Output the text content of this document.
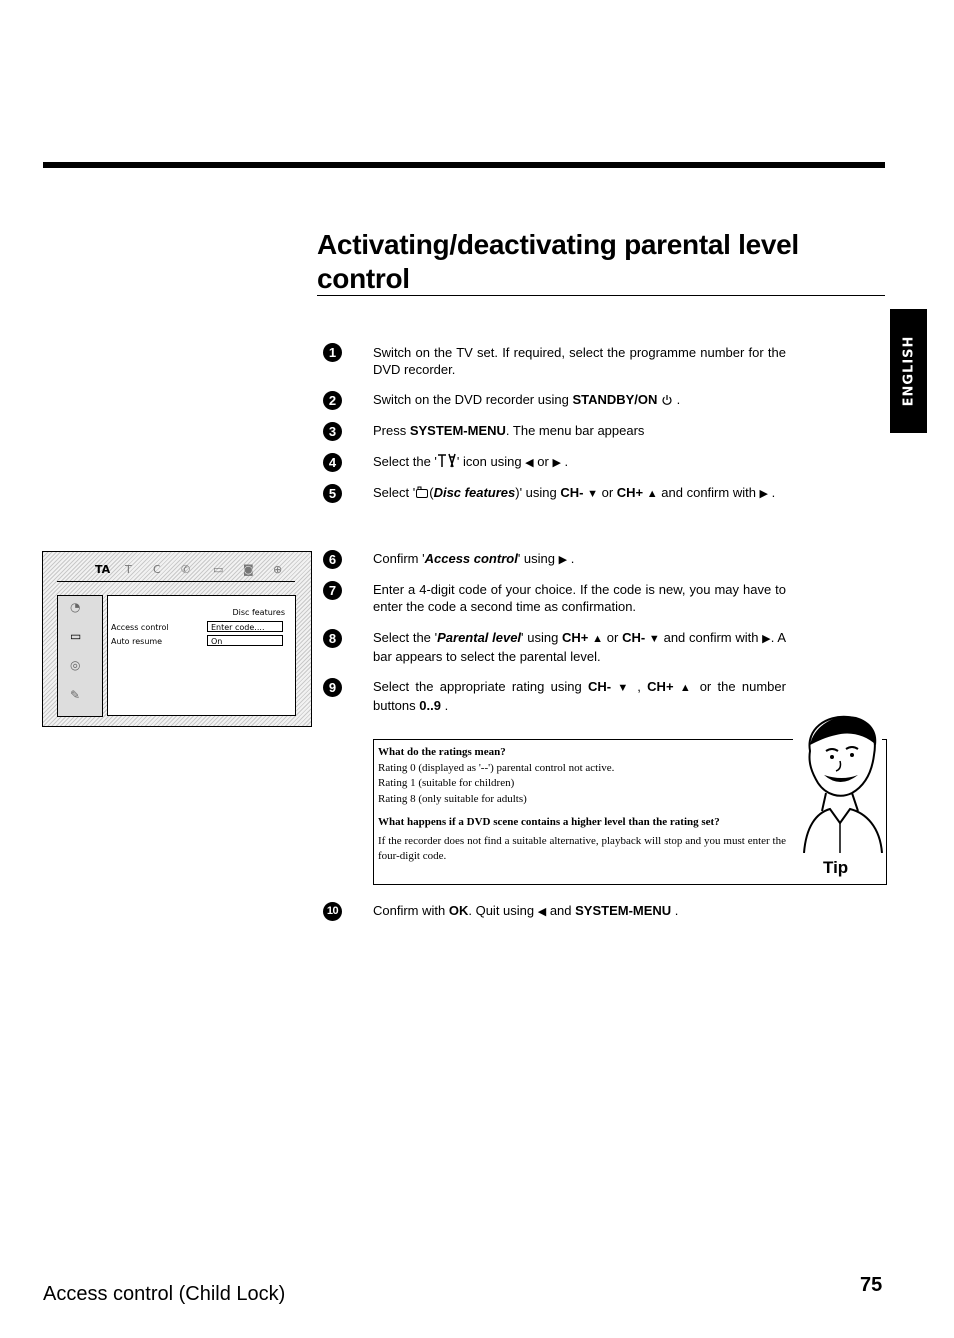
Activating/deactivating parental level control
ENGLISH
1	Switch on the TV set. If required, select the programme number for the DVD recorder.
2	Switch on the DVD recorder using STANDBY/ON  .
3	Press SYSTEM-MENU. The menu bar appears
4	Select the ' ' icon using ◀ or ▶ .
5	Select ' (Disc features)' using CH- ▼ or CH+ ▲ and confirm with ▶ .
TA T C ✆ ▭ ◙ ⊕
◔
▭
◎
✎
Disc features
Access control	Enter code....
Auto resume	On
6	Confirm 'Access control' using ▶ .
7	Enter a 4-digit code of your choice. If the code is new, you may have to enter the code a second time as confirmation.
8	Select the 'Parental level' using CH+ ▲ or CH- ▼ and confirm with ▶. A bar appears to select the parental level.
9	Select the appropriate rating using CH- ▼ , CH+ ▲ or the number buttons 0..9 .
What do the ratings mean?
Rating 0 (displayed as '--') parental control not active.
Rating 1 (suitable for children)
Rating 8 (only suitable for adults)
What happens if a DVD scene contains a higher level than the rating set?
If the recorder does not find a suitable alternative, playback will stop and you must enter the four-digit code.
Tip
10	Confirm with OK. Quit using ◀ and SYSTEM-MENU .
Access control (Child Lock)	75
